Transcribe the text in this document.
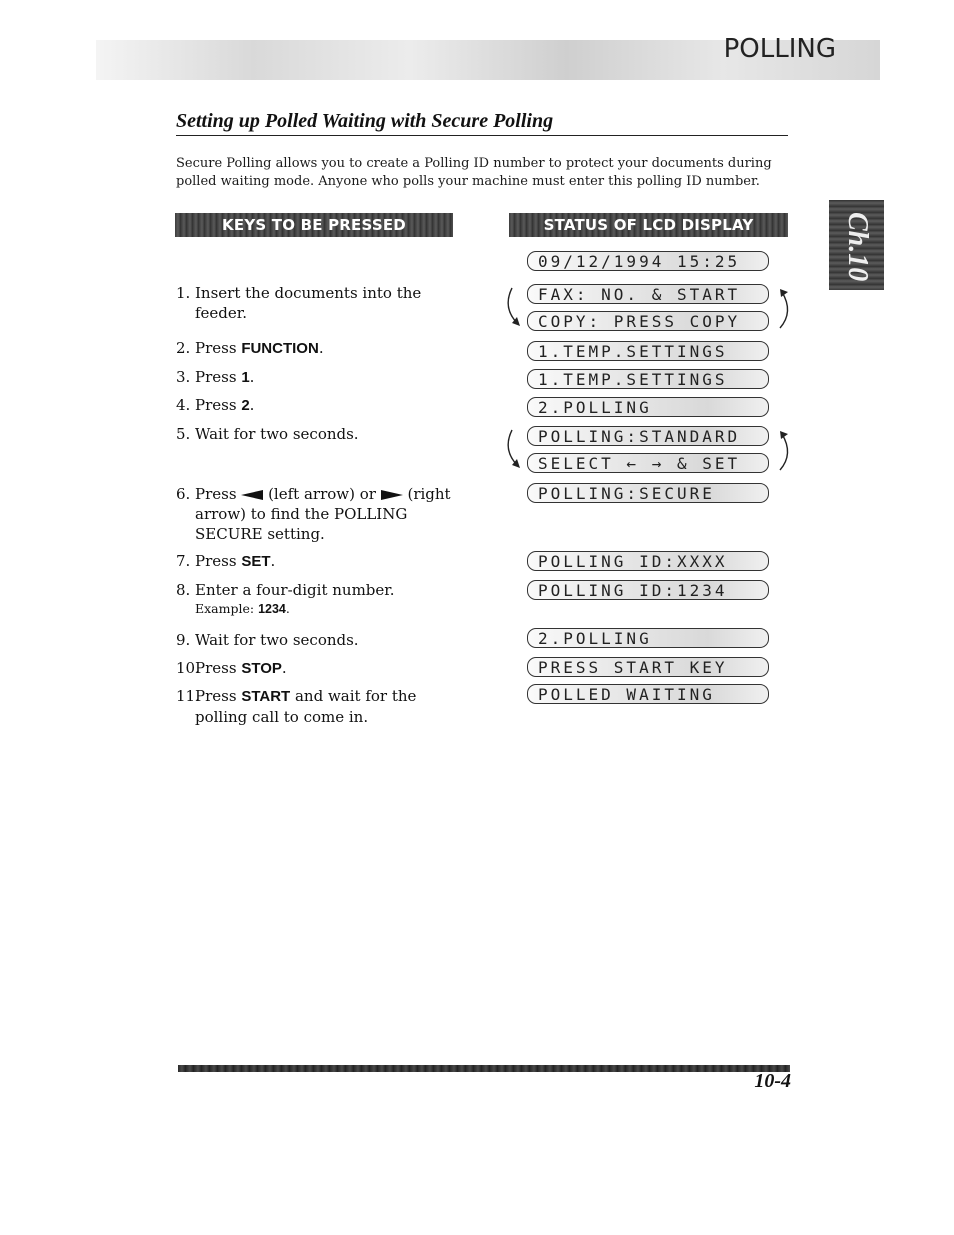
POLLING
Setting up Polled Waiting with Secure Polling
Secure Polling allows you to create a Polling ID number to protect your documents during polled waiting mode. Anyone who polls your machine must enter this polling ID number.
KEYS TO BE PRESSED	STATUS OF LCD DISPLAY	Ch.10
1. Insert the documents into the feeder.
2. Press FUNCTION.
3. Press 1.
4. Press 2.
5. Wait for two seconds.
6. Press  (left arrow) or  (right arrow) to find the POLLING SECURE setting.
7. Press SET.
8. Enter a four-digit number.
Example: 1234.
9. Wait for two seconds.
10.Press STOP.
11.Press START and wait for the polling call to come in.
09/12/1994 15:25
FAX: NO. & START
COPY: PRESS COPY
1.TEMP.SETTINGS
1.TEMP.SETTINGS
2.POLLING
POLLING:STANDARD
SELECT ← → & SET
POLLING:SECURE
POLLING ID:XXXX
POLLING ID:1234
2.POLLING
PRESS START KEY
POLLED WAITING
10-4
